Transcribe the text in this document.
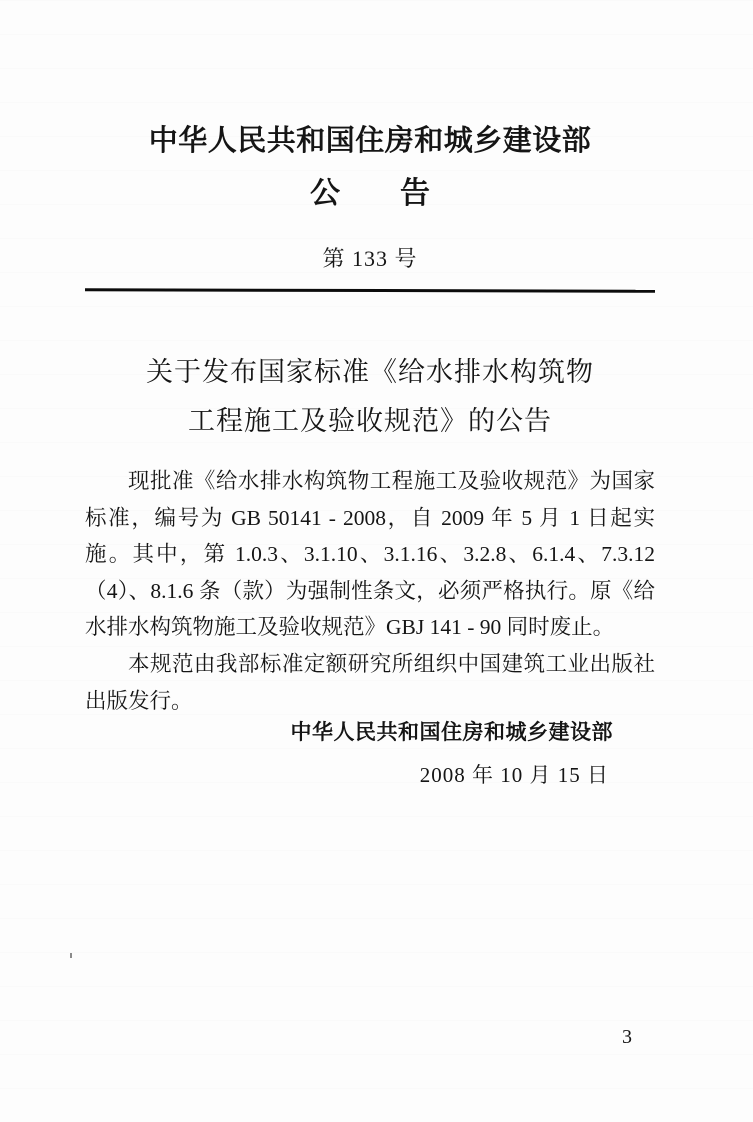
中华人民共和国住房和城乡建设部
公　　告
第 133 号
关于发布国家标准《给水排水构筑物
工程施工及验收规范》的公告

现批准《给水排水构筑物工程施工及验收规范》为国家标准，编号为 GB 50141 - 2008，自 2009 年 5 月 1 日起实施。其中，第 1.0.3、3.1.10、3.1.16、3.2.8、6.1.4、7.3.12（4）、8.1.6 条（款）为强制性条文，必须严格执行。原《给水排水构筑物施工及验收规范》GBJ 141 - 90 同时废止。

本规范由我部标准定额研究所组织中国建筑工业出版社出版发行。

中华人民共和国住房和城乡建设部
2008 年 10 月 15 日
3
